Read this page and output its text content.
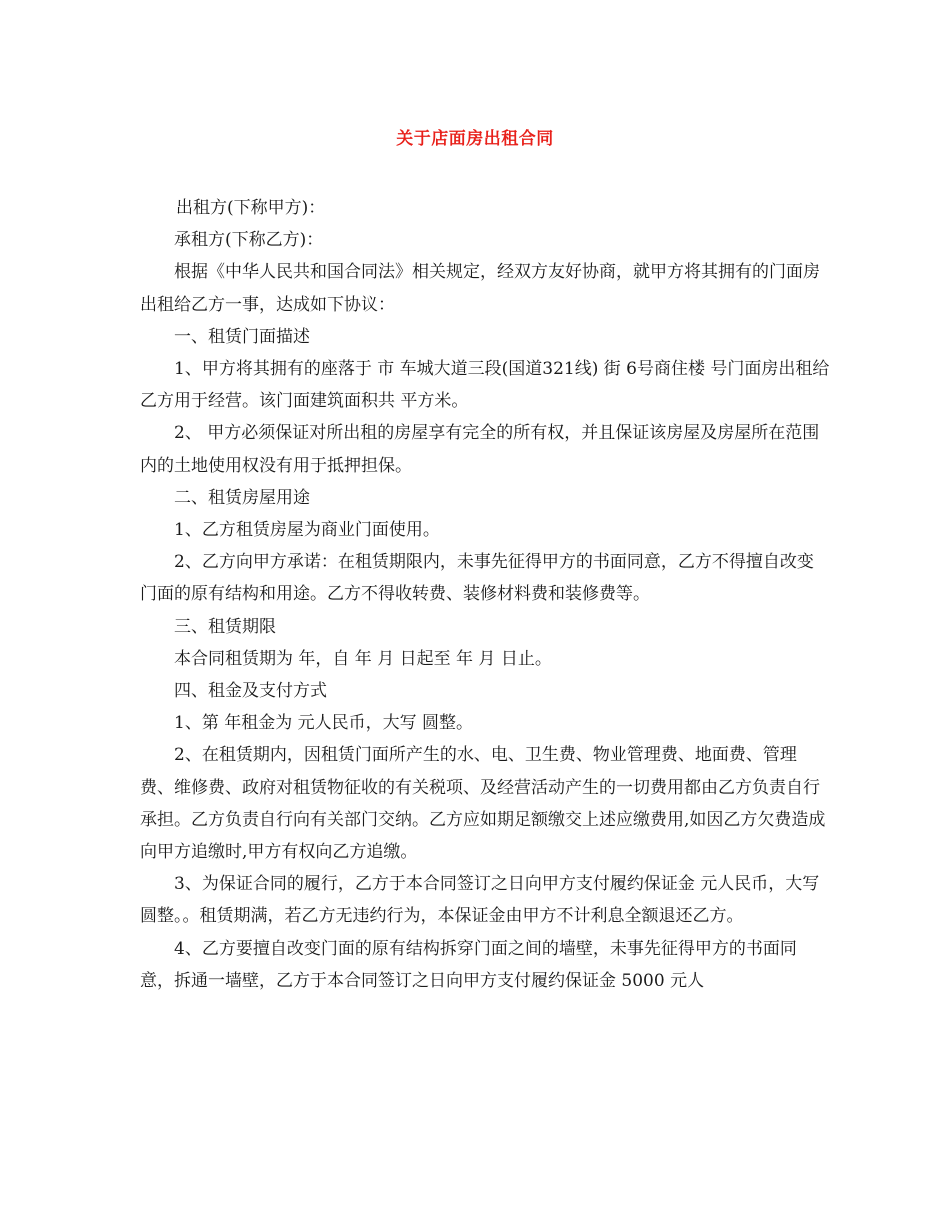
关于店面房出租合同

出租方(下称甲方)：

承租方(下称乙方)：

根据《中华人民共和国合同法》相关规定，经双方友好协商，就甲方将其拥有的门面房出租给乙方一事，达成如下协议：

一、租赁门面描述

1、甲方将其拥有的座落于 市 车城大道三段(国道321线) 街 6号商住楼 号门面房出租给乙方用于经营。该门面建筑面积共 平方米。

2、 甲方必须保证对所出租的房屋享有完全的所有权，并且保证该房屋及房屋所在范围内的土地使用权没有用于抵押担保。

二、租赁房屋用途

1、乙方租赁房屋为商业门面使用。

2、乙方向甲方承诺：在租赁期限内，未事先征得甲方的书面同意，乙方不得擅自改变门面的原有结构和用途。乙方不得收转费、装修材料费和装修费等。

三、租赁期限

本合同租赁期为 年，自 年 月 日起至 年 月 日止。

四、租金及支付方式

1、第 年租金为 元人民币，大写 圆整。

2、在租赁期内，因租赁门面所产生的水、电、卫生费、物业管理费、地面费、管理费、维修费、政府对租赁物征收的有关税项、及经营活动产生的一切费用都由乙方负责自行承担。乙方负责自行向有关部门交纳。乙方应如期足额缴交上述应缴费用,如因乙方欠费造成向甲方追缴时,甲方有权向乙方追缴。

3、为保证合同的履行，乙方于本合同签订之日向甲方支付履约保证金 元人民币，大写 圆整。。租赁期满，若乙方无违约行为，本保证金由甲方不计利息全额退还乙方。

4、乙方要擅自改变门面的原有结构拆穿门面之间的墙壁，未事先征得甲方的书面同意，拆通一墙壁，乙方于本合同签订之日向甲方支付履约保证金 5000 元人
